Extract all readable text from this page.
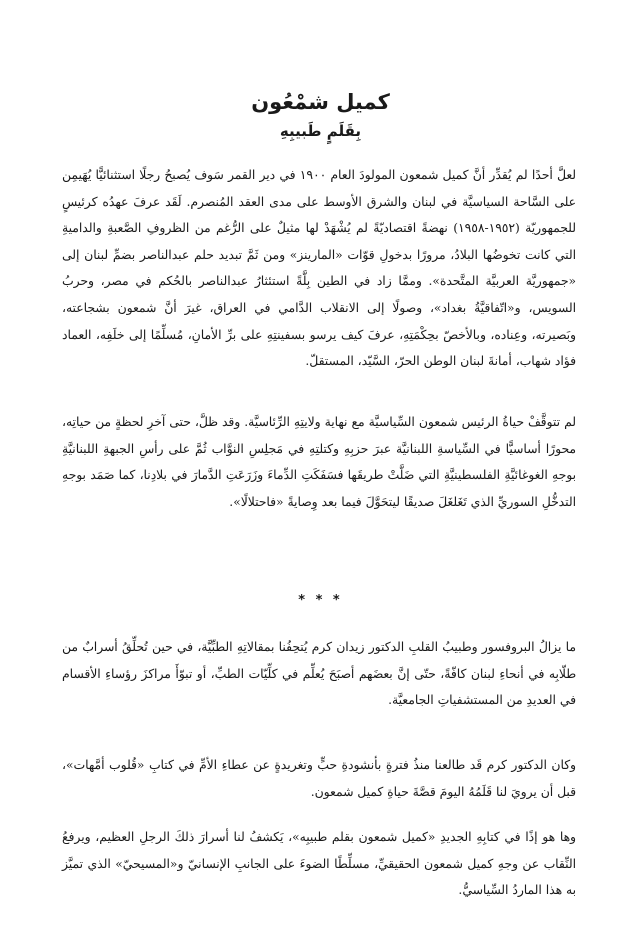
كميل شمْعُون
بِقَلَمٍ طَبيبِهِ

لعلَّ أحدًا لم يُقدِّر أنَّ كميل شمعون المولودَ العام ١٩٠٠ في دير القمر سَوف يُصبحُ رجلًا استثنائيًّا يُهَيمِن على السَّاحة السياسيَّة في لبنان والشرق الأوسط على مدى العقد المُنصرم. لَقَد عرفَ عهدُه كرئيسٍ للجمهوريّة (١٩٥٢-١٩٥٨) نهضةً اقتصاديّةً لم يُشْهَدْ لها مثيلٌ على الرُّغم من الظروفِ الصَّعبةِ والداميةِ التي كانت تخوضُها البلادُ، مرورًا بدخولِ قوّات «المارينز» ومن ثَمَّ تبديد حلم عبدالناصر بضمِّ لبنان إلى «جمهوريَّة العربيَّة المتَّحدة». وممَّا زاد في الطين بِلَّةً استئثارُ عبدالناصر بالحُكم في مصر، وحربُ السويس، و«اتّفاقيَّةُ بغداد»، وصولًا إلى الانقلاب الدَّامي في العراق، غيرَ أنَّ شمعون بشجاعته، وبَصيرته، وعِناده، وبالأخصّ بحِكْمَتِهِ، عرفَ كيف يرسو بسفينتِهِ على برِّ الأمانِ، مُسلِّمًا إلى خلَفِه، العماد فؤاد شهاب، أمانةَ لبنان الوطن الحرّ، السَّيّد، المستقلّ.

لم تتوقَّفْ حياةُ الرئيس شمعون السِّياسيَّة مع نهاية ولايتِهِ الرِّئاسيَّة. وقد ظلَّ، حتى آخرِ لحظةٍ من حياتِه، محورًا أساسيًّا في السِّياسةِ اللبنانيَّة عبرَ حزبِهِ وكتلتِهِ في مَجلِسِ النوَّاب ثُمَّ على رأسِ الجبهةِ اللبنانيَّةِ بوجهِ الغوغائيَّةِ الفلسطينيَّةِ التي ضَلَّتْ طريقَها فسَفَكَتِ الدِّماءَ وزَرَعَتِ الدَّمارَ في بلادِنا، كما صَمَد بوجهِ التدخُّلِ السوريِّ الذي تَغَلغَلَ صديقًا ليتحَوَّلَ فيما بعد وِصايةً «فاحتلالًا».

* * *

ما يزالُ البروفسور وطبيبُ القلبِ الدكتور زيدان كرم يُتحِفُنا بمقالاتِهِ الطبِّيَّة، في حين تُحلِّقُ أسرابٌ من طلّابِه في أنحاءِ لبنان كافّةً، حتّى إنَّ بعضَهم أصبَحَ يُعلِّم في كلِّيّات الطبِّ، أو تبوّأَ مراكزَ رؤساءِ الأقسام في العديدِ من المستشفياتِ الجامعيَّة.

وكان الدكتور كرم قَد طالعنا منذُ فترةٍ بأنشودةِ حبٍّ وتغريدةٍ عن عطاءِ الأمِّ في كتابِ «قُلوب أمَّهات»، قبل أن يرويَ لنا قَلَمُهُ اليومَ قصَّةَ حياةِ كميل شمعون.

وها هو إذًا في كتابِهِ الجديدِ «كميل شمعون بقلم طبيبِه»، يَكشفُ لنا أسرارَ ذلكَ الرجلِ العظيم، ويرفعُ النِّقاب عن وجهِ كميل شمعون الحقيقيِّ، مسلِّطًا الضوءَ على الجانبِ الإنسانيّ و«المسيحيّ» الذي تميَّز به هذا الماردُ السِّياسيُّ.
